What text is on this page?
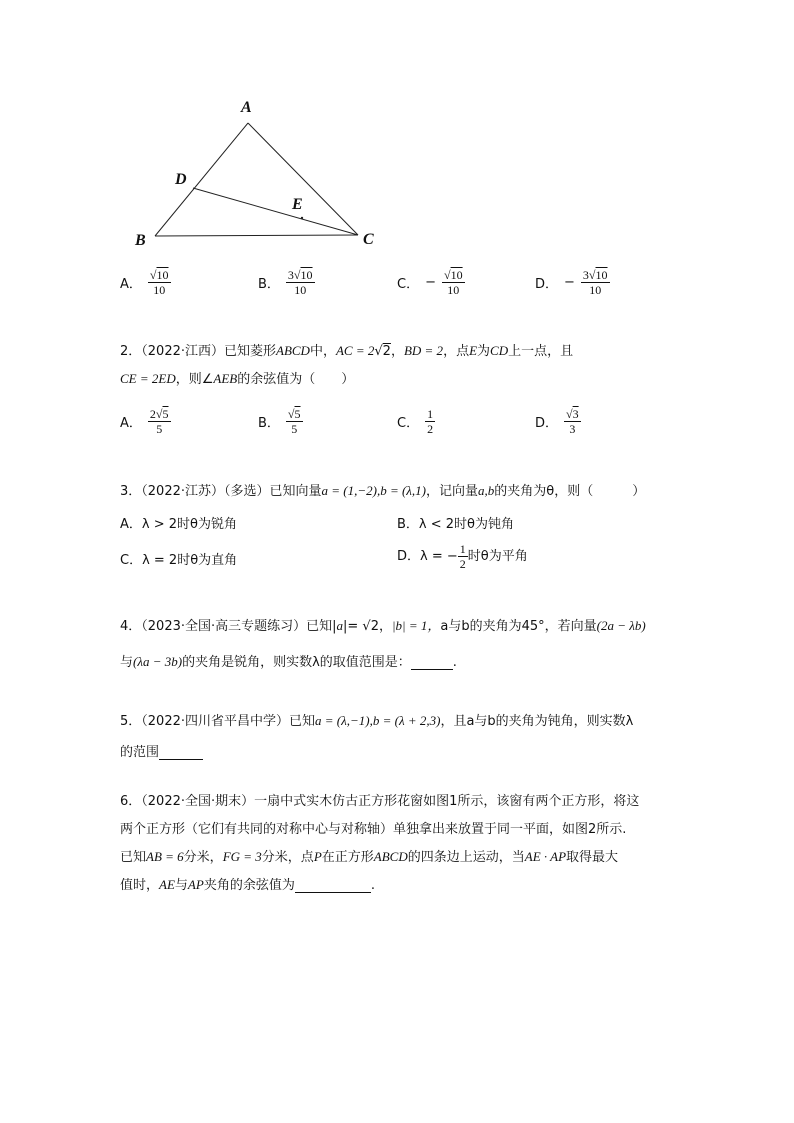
A
D
E
B	C
A． $\frac{√10}{10}$	B． $\frac{3√10}{10}$	C． − $\frac{√10}{10}$	D． − $\frac{3√10}{10}$
2．（2022·江西）已知菱形ABCD中，AC = 2√2，BD = 2，点E为CD上一点，且
CE = 2ED，则∠AEB的余弦值为（　　）
A． $\frac{2√5}{5}$	B． $\frac{√5}{5}$	C． $\frac{1}{2}$	D． $\frac{√3}{3}$
3．（2022·江苏）（多选）已知向量a = (1,−2),b = (λ,1)，记向量a,b的夹角为θ，则（　　　）
A．λ > 2时θ为锐角	B．λ < 2时θ为钝角
C．λ = 2时θ为直角	D．λ = − $\frac{1}{2}$ 时θ为平角
4．（2023·全国·高三专题练习）已知|a|= √2，|b| = 1，a与b的夹角为45°，若向量(2a − λb)
与(λa − 3b)的夹角是锐角，则实数λ的取值范围是：	.
5．（2022·四川省平昌中学）已知a = (λ,−1),b = (λ + 2,3)，且a与b的夹角为钝角，则实数λ
的范围
6．（2022·全国·期末）一扇中式实木仿古正方形花窗如图1所示，该窗有两个正方形，将这
两个正方形（它们有共同的对称中心与对称轴）单独拿出来放置于同一平面，如图2所示.
已知AB = 6分米，FG = 3分米，点P在正方形ABCD的四条边上运动，当AE · AP取得最大
值时，AE与AP夹角的余弦值为	.
